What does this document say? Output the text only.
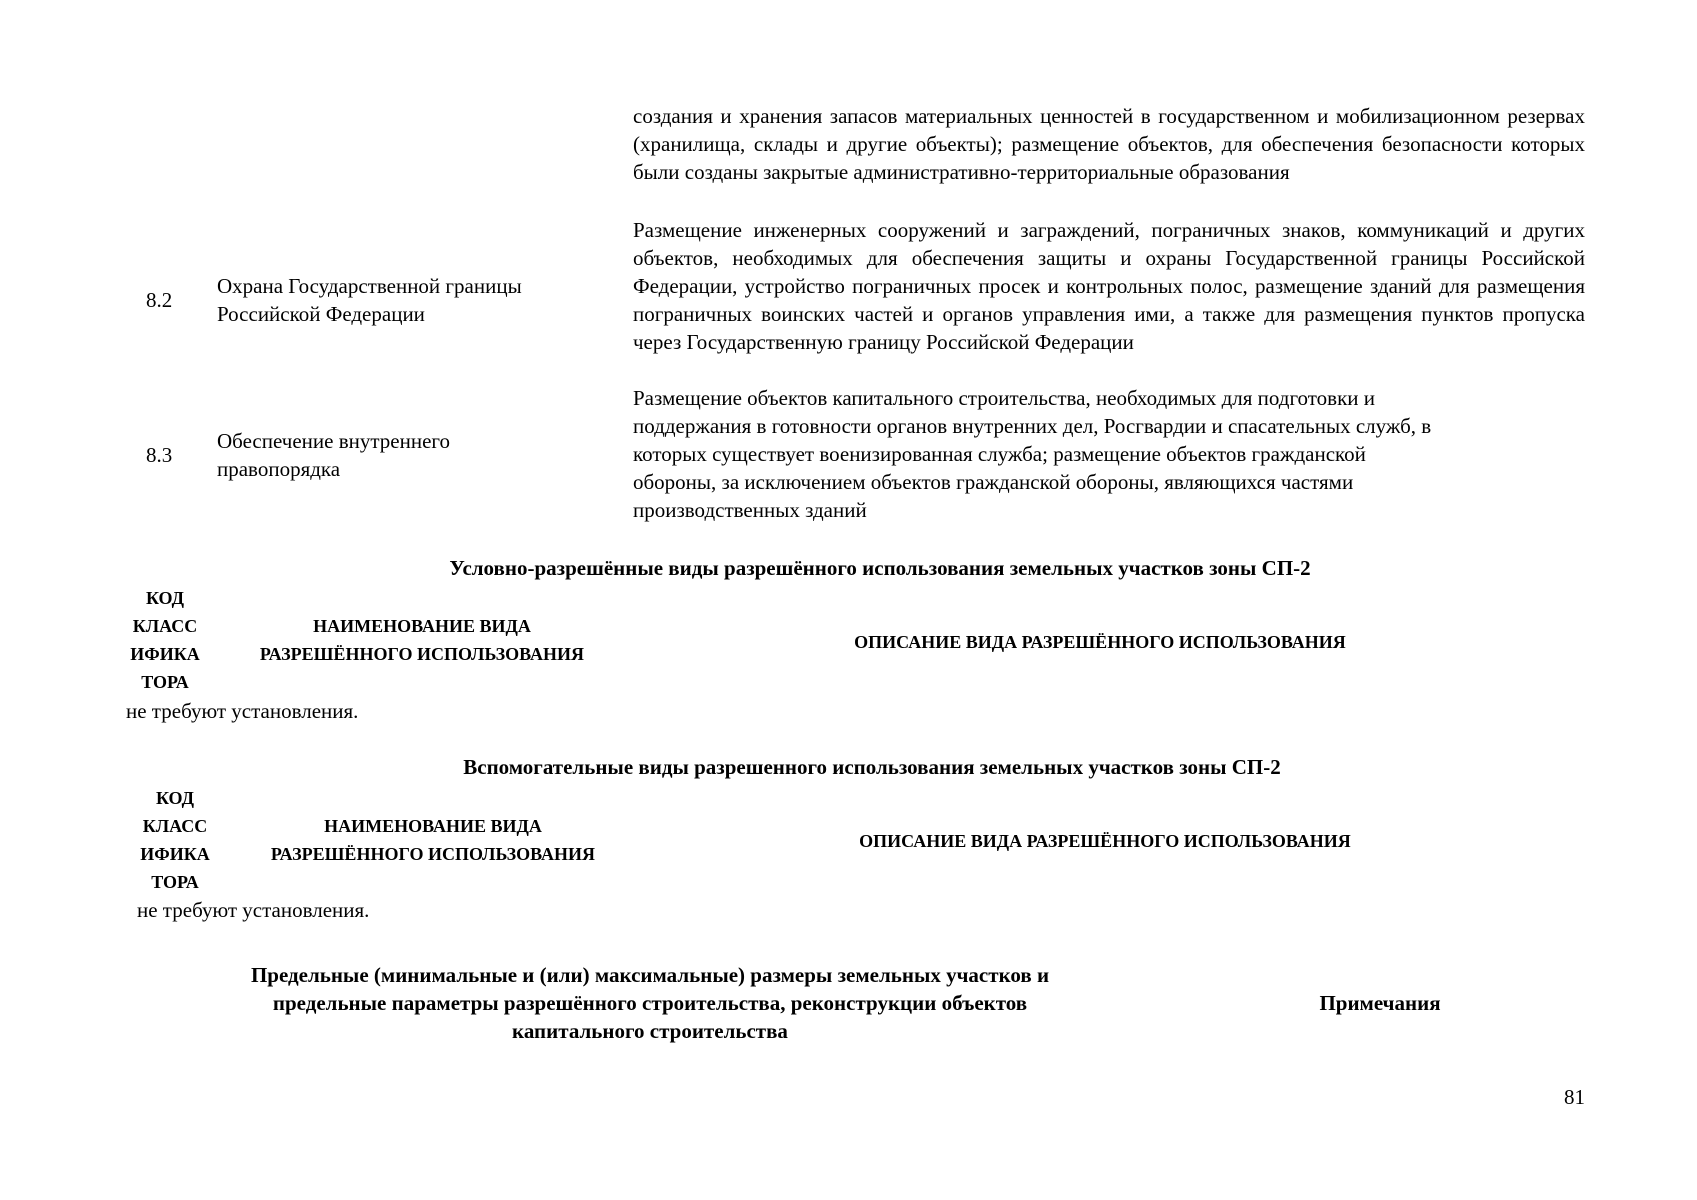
создания и хранения запасов материальных ценностей в государственном и мобилизационном резервах (хранилища, склады и другие объекты); размещение объектов, для обеспечения безопасности которых были созданы закрытые административно-территориальные образования
8.2
Охрана Государственной границы Российской Федерации
Размещение инженерных сооружений и заграждений, пограничных знаков, коммуникаций и других объектов, необходимых для обеспечения защиты и охраны Государственной границы Российской Федерации, устройство пограничных просек и контрольных полос, размещение зданий для размещения пограничных воинских частей и органов управления ими, а также для размещения пунктов пропуска через Государственную границу Российской Федерации
8.3
Обеспечение внутреннего правопорядка
Размещение объектов капитального строительства, необходимых для подготовки и
поддержания в готовности органов внутренних дел, Росгвардии и спасательных служб, в
которых существует военизированная служба; размещение объектов гражданской
обороны, за исключением объектов гражданской обороны, являющихся частями
производственных зданий
Условно-разрешённые виды разрешённого использования земельных участков зоны СП-2
КОД
КЛАСС
ИФИКА
ТОРА
НАИМЕНОВАНИЕ ВИДА
РАЗРЕШЁННОГО ИСПОЛЬЗОВАНИЯ
ОПИСАНИЕ ВИДА РАЗРЕШЁННОГО ИСПОЛЬЗОВАНИЯ
не требуют установления.
Вспомогательные виды разрешенного использования земельных участков зоны СП-2
КОД
КЛАСС
ИФИКА
ТОРА
НАИМЕНОВАНИЕ ВИДА
РАЗРЕШЁННОГО ИСПОЛЬЗОВАНИЯ
ОПИСАНИЕ ВИДА РАЗРЕШЁННОГО ИСПОЛЬЗОВАНИЯ
не требуют установления.
Предельные (минимальные и (или) максимальные) размеры земельных участков и
предельные параметры разрешённого строительства, реконструкции объектов
капитального строительства
Примечания
81
